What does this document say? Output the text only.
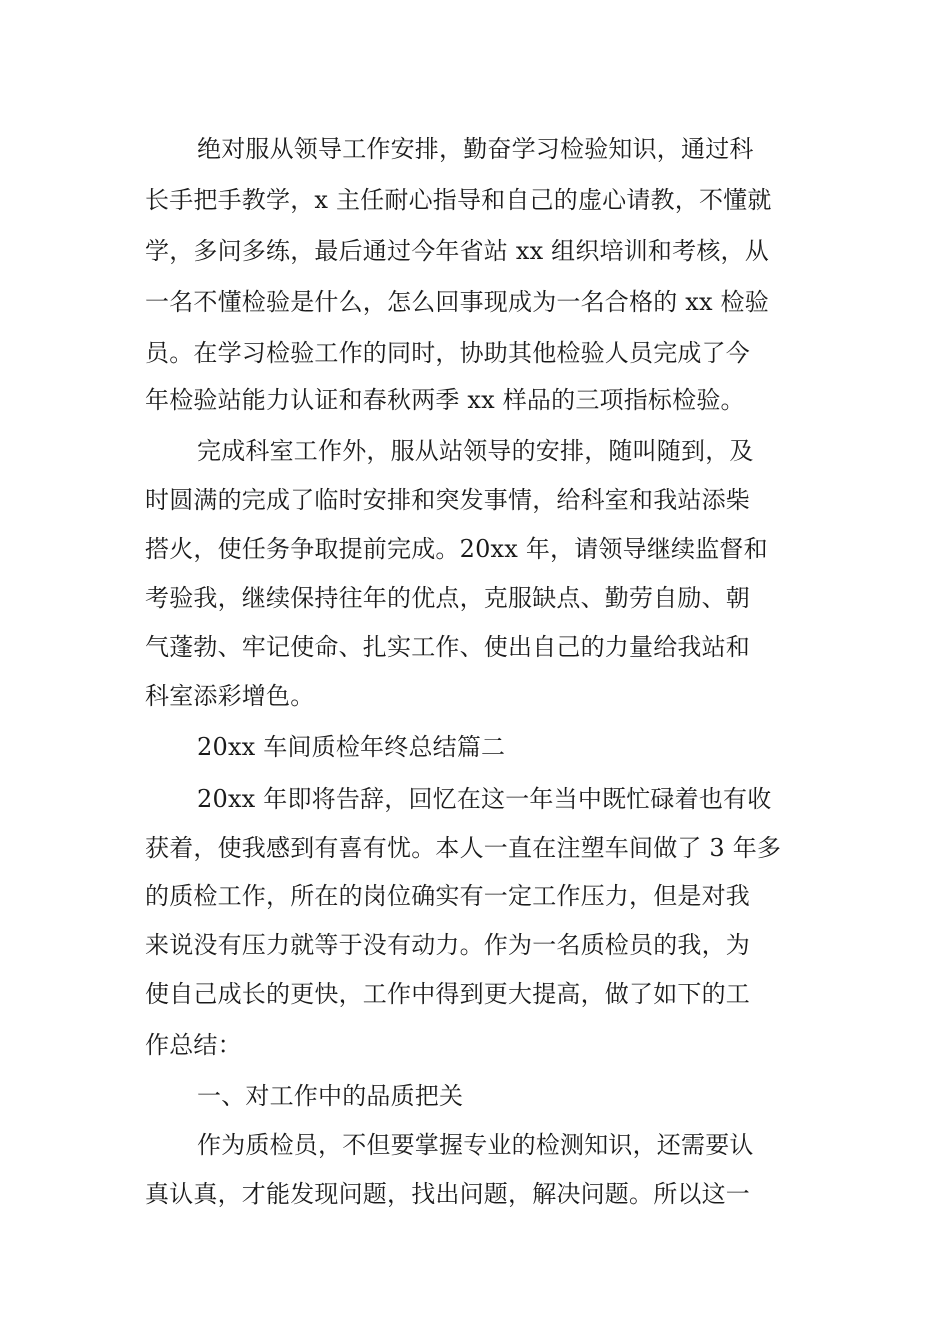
绝对服从领导工作安排，勤奋学习检验知识，通过科
长手把手教学，x 主任耐心指导和自己的虚心请教，不懂就
学，多问多练，最后通过今年省站 xx 组织培训和考核，从
一名不懂检验是什么，怎么回事现成为一名合格的 xx 检验
员。在学习检验工作的同时，协助其他检验人员完成了今
年检验站能力认证和春秋两季 xx 样品的三项指标检验。
完成科室工作外，服从站领导的安排，随叫随到，及
时圆满的完成了临时安排和突发事情，给科室和我站添柴
搭火，使任务争取提前完成。20xx 年，请领导继续监督和
考验我，继续保持往年的优点，克服缺点、勤劳自励、朝
气蓬勃、牢记使命、扎实工作、使出自己的力量给我站和
科室添彩增色。
20xx 车间质检年终总结篇二
20xx 年即将告辞，回忆在这一年当中既忙碌着也有收
获着，使我感到有喜有忧。本人一直在注塑车间做了 3 年多
的质检工作，所在的岗位确实有一定工作压力，但是对我
来说没有压力就等于没有动力。作为一名质检员的我，为
使自己成长的更快，工作中得到更大提高，做了如下的工
作总结：
一、对工作中的品质把关
作为质检员，不但要掌握专业的检测知识，还需要认
真认真，才能发现问题，找出问题，解决问题。所以这一
